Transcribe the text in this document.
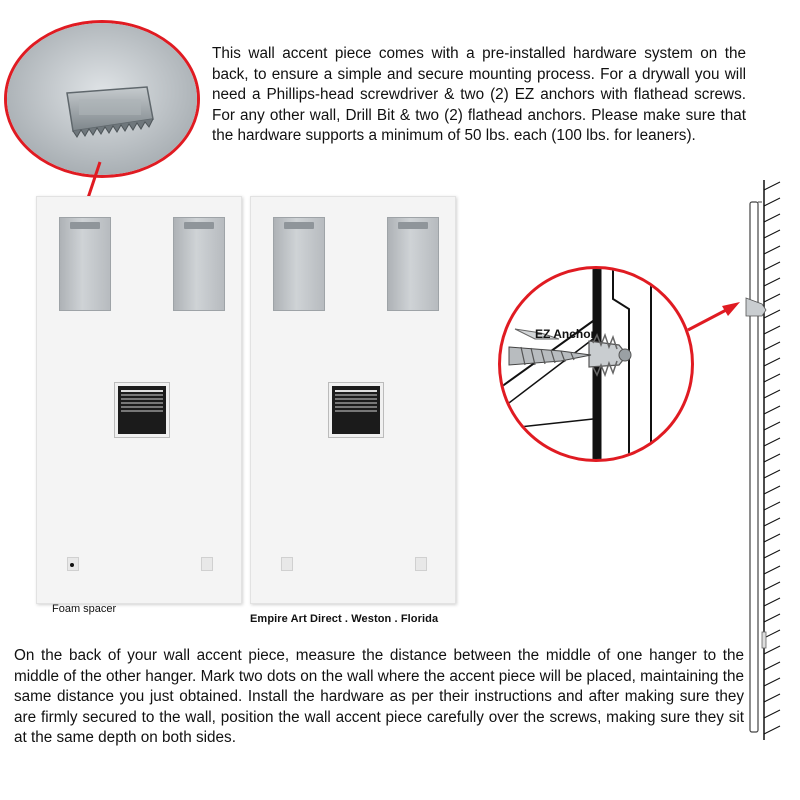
This wall accent piece comes with a pre-installed hardware system on the back, to ensure a simple and secure mounting process. For a drywall you will need a Phillips-head screwdriver & two (2) EZ anchors with flathead screws. For any other wall, Drill Bit & two (2) flathead anchors. Please make sure that the hardware supports a minimum of 50 lbs. each (100 lbs. for leaners).
Foam spacer
Empire Art Direct . Weston . Florida
EZ Anchor
On the back of your wall accent piece, measure the distance between the middle of one hanger to the middle of the other hanger. Mark two dots on the wall where the accent piece will be placed, maintaining the same distance you just obtained. Install the hardware as per their instructions and after making sure they are firmly secured to the wall, position the wall accent piece carefully over the screws, making sure they sit at the same depth on both sides.
